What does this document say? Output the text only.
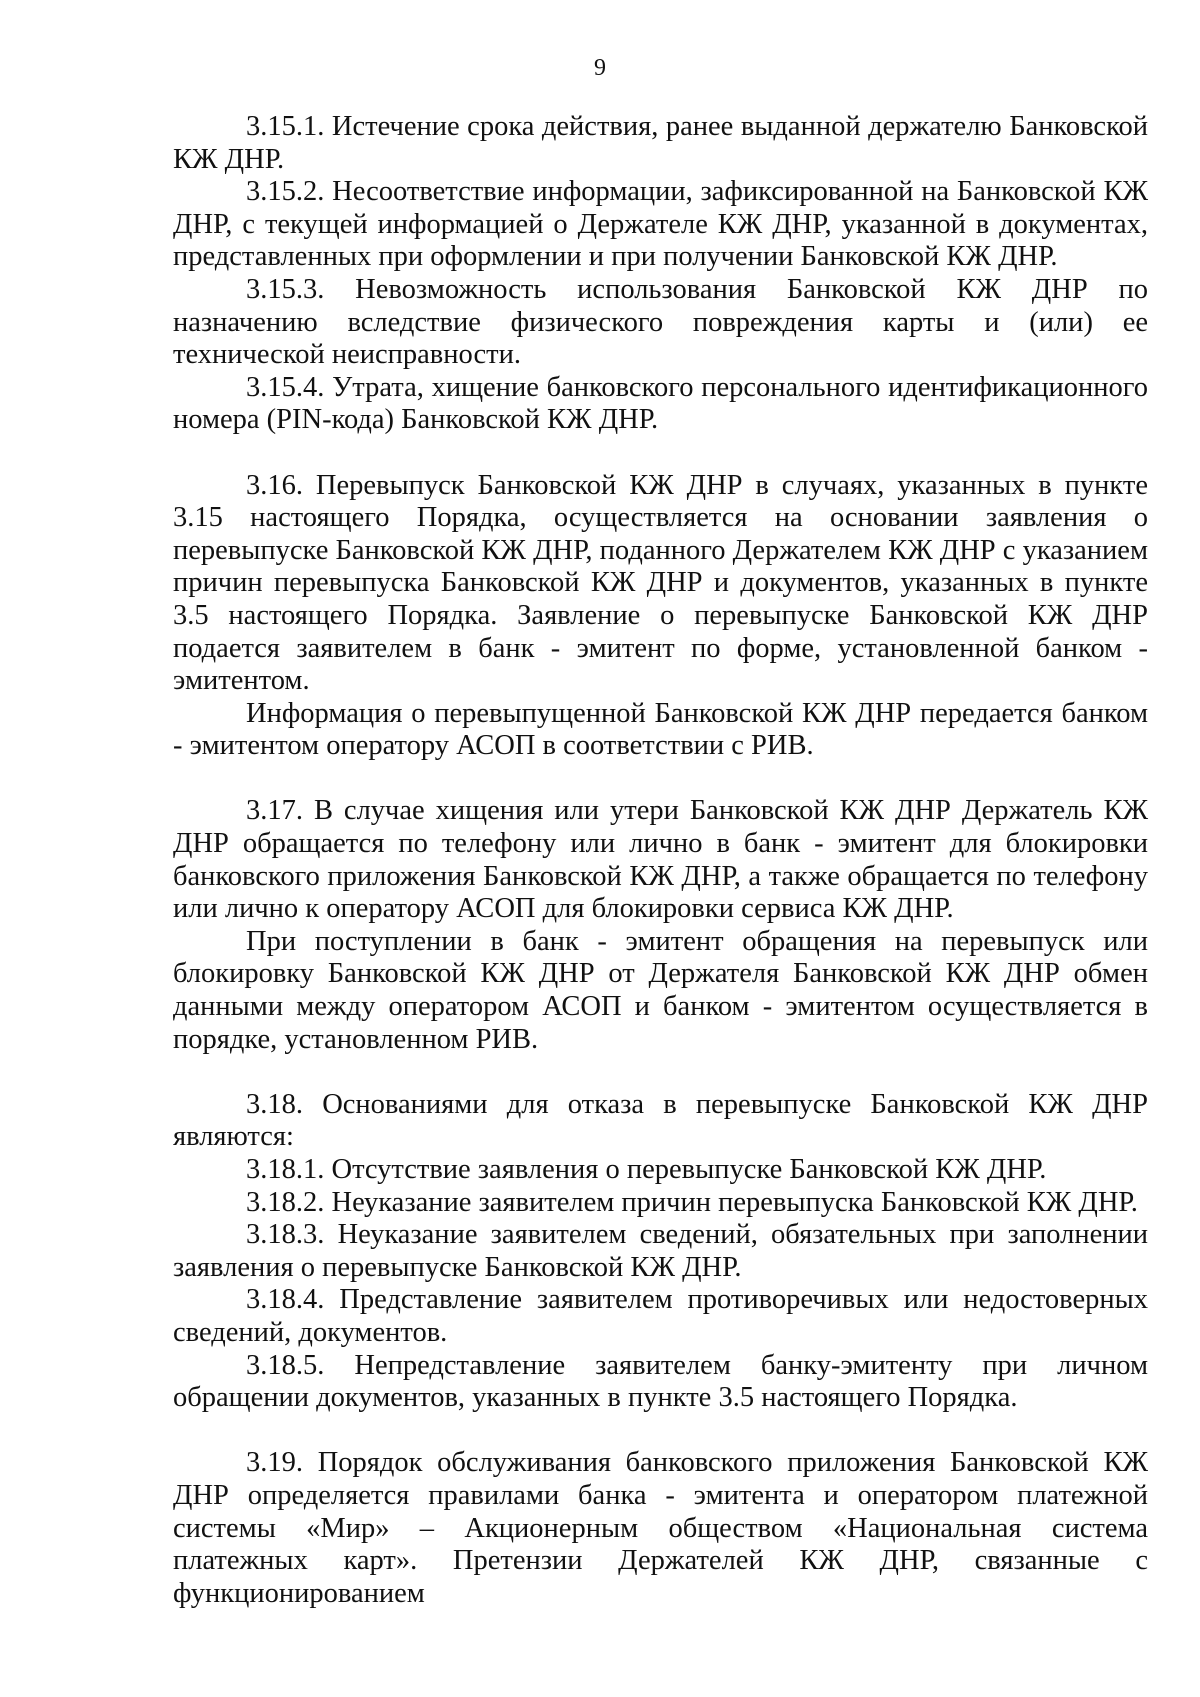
9

3.15.1. Истечение срока действия, ранее выданной держателю Банковской КЖ ДНР.

3.15.2. Несоответствие информации, зафиксированной на Банковской КЖ ДНР, с текущей информацией о Держателе КЖ ДНР, указанной в документах, представленных при оформлении и при получении Банковской КЖ ДНР.

3.15.3. Невозможность использования Банковской КЖ ДНР по назначению вследствие физического повреждения карты и (или) ее технической неисправности.

3.15.4. Утрата, хищение банковского персонального идентификационного номера (PIN-кода) Банковской КЖ ДНР.

3.16. Перевыпуск Банковской КЖ ДНР в случаях, указанных в пункте 3.15 настоящего Порядка, осуществляется на основании заявления о перевыпуске Банковской КЖ ДНР, поданного Держателем КЖ ДНР с указанием причин перевыпуска Банковской КЖ ДНР и документов, указанных в пункте 3.5 настоящего Порядка. Заявление о перевыпуске Банковской КЖ ДНР подается заявителем в банк - эмитент по форме, установленной банком - эмитентом.

Информация о перевыпущенной Банковской КЖ ДНР передается банком - эмитентом оператору АСОП в соответствии с РИВ.

3.17. В случае хищения или утери Банковской КЖ ДНР Держатель КЖ ДНР обращается по телефону или лично в банк - эмитент для блокировки банковского приложения Банковской КЖ ДНР, а также обращается по телефону или лично к оператору АСОП для блокировки сервиса КЖ ДНР.

При поступлении в банк - эмитент обращения на перевыпуск или блокировку Банковской КЖ ДНР от Держателя Банковской КЖ ДНР обмен данными между оператором АСОП и банком - эмитентом осуществляется в порядке, установленном РИВ.

3.18. Основаниями для отказа в перевыпуске Банковской КЖ ДНР являются:

3.18.1. Отсутствие заявления о перевыпуске Банковской КЖ ДНР.

3.18.2. Неуказание заявителем причин перевыпуска Банковской КЖ ДНР.

3.18.3. Неуказание заявителем сведений, обязательных при заполнении заявления о перевыпуске Банковской КЖ ДНР.

3.18.4. Представление заявителем противоречивых или недостоверных сведений, документов.

3.18.5. Непредставление заявителем банку-эмитенту при личном обращении документов, указанных в пункте 3.5 настоящего Порядка.

3.19. Порядок обслуживания банковского приложения Банковской КЖ ДНР определяется правилами банка - эмитента и оператором платежной системы «Мир» – Акционерным обществом «Национальная система платежных карт». Претензии Держателей КЖ ДНР, связанные с функционированием
